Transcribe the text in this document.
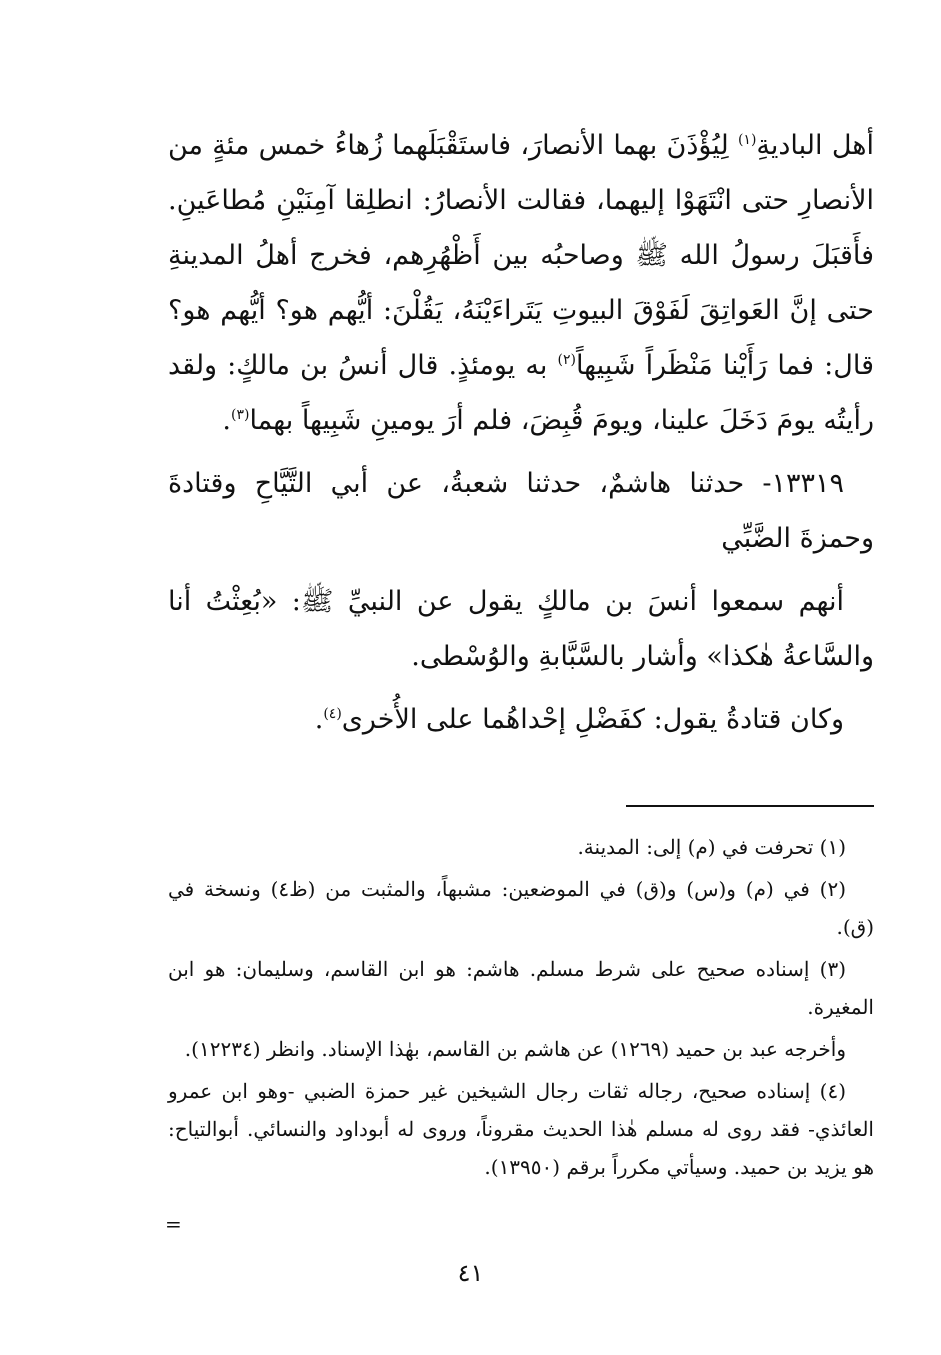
أهل الباديةِ$^{(١)}$ لِيُؤْذَنَ بهما الأنصارَ، فاستَقْبَلَهما زُهاءُ خمس مئةٍ من الأنصارِ حتى انْتَهَوْا إليهما، فقالت الأنصارُ: انطلِقا آمِنَيْنِ مُطاعَينِ. فأَقبَلَ رسولُ الله ﷺ وصاحبُه بين أَظْهُرِهم، فخرج أهلُ المدينةِ حتى إنَّ العَواتِقَ لَفَوْقَ البيوتِ يَتَراءَيْنَهُ، يَقُلْنَ: أيُّهم هو؟ أيُّهم هو؟ قال: فما رَأَيْنا مَنْظَراً شَبِيهاً$^{(٢)}$ به يومئذٍ. قال أنسُ بن مالكٍ: ولقد رأيتُه يومَ دَخَلَ علينا، ويومَ قُبِضَ، فلم أرَ يومينِ شَبِيهاً بهما$^{(٣)}$.

١٣٣١٩- حدثنا هاشمٌ، حدثنا شعبةُ، عن أبي التَّيَّاحِ وقتادةَ وحمزةَ الضَّبِّي

أنهم سمعوا أنسَ بن مالكٍ يقول عن النبيِّ ﷺ: «بُعِثْتُ أنا والسَّاعةُ هٰكذا» وأشار بالسَّبَّابةِ والوُسْطى.

وكان قتادةُ يقول: كفَضْلِ إحْداهُما على الأُخرى$^{(٤)}$.

(١) تحرفت في (م) إلى: المدينة.

(٢) في (م) و(س) و(ق) في الموضعين: مشبهاً، والمثبت من (ظ٤) ونسخة في (ق).

(٣) إسناده صحيح على شرط مسلم. هاشم: هو ابن القاسم، وسليمان: هو ابن المغيرة.

وأخرجه عبد بن حميد (١٢٦٩) عن هاشم بن القاسم، بهٰذا الإسناد. وانظر (١٢٢٣٤).

(٤) إسناده صحيح، رجاله ثقات رجال الشيخين غير حمزة الضبي -وهو ابن عمرو العائذي- فقد روى له مسلم هٰذا الحديث مقروناً، وروى له أبوداود والنسائي. أبوالتياح: هو يزيد بن حميد. وسيأتي مكرراً برقم (١٣٩٥٠).

=
٤١
